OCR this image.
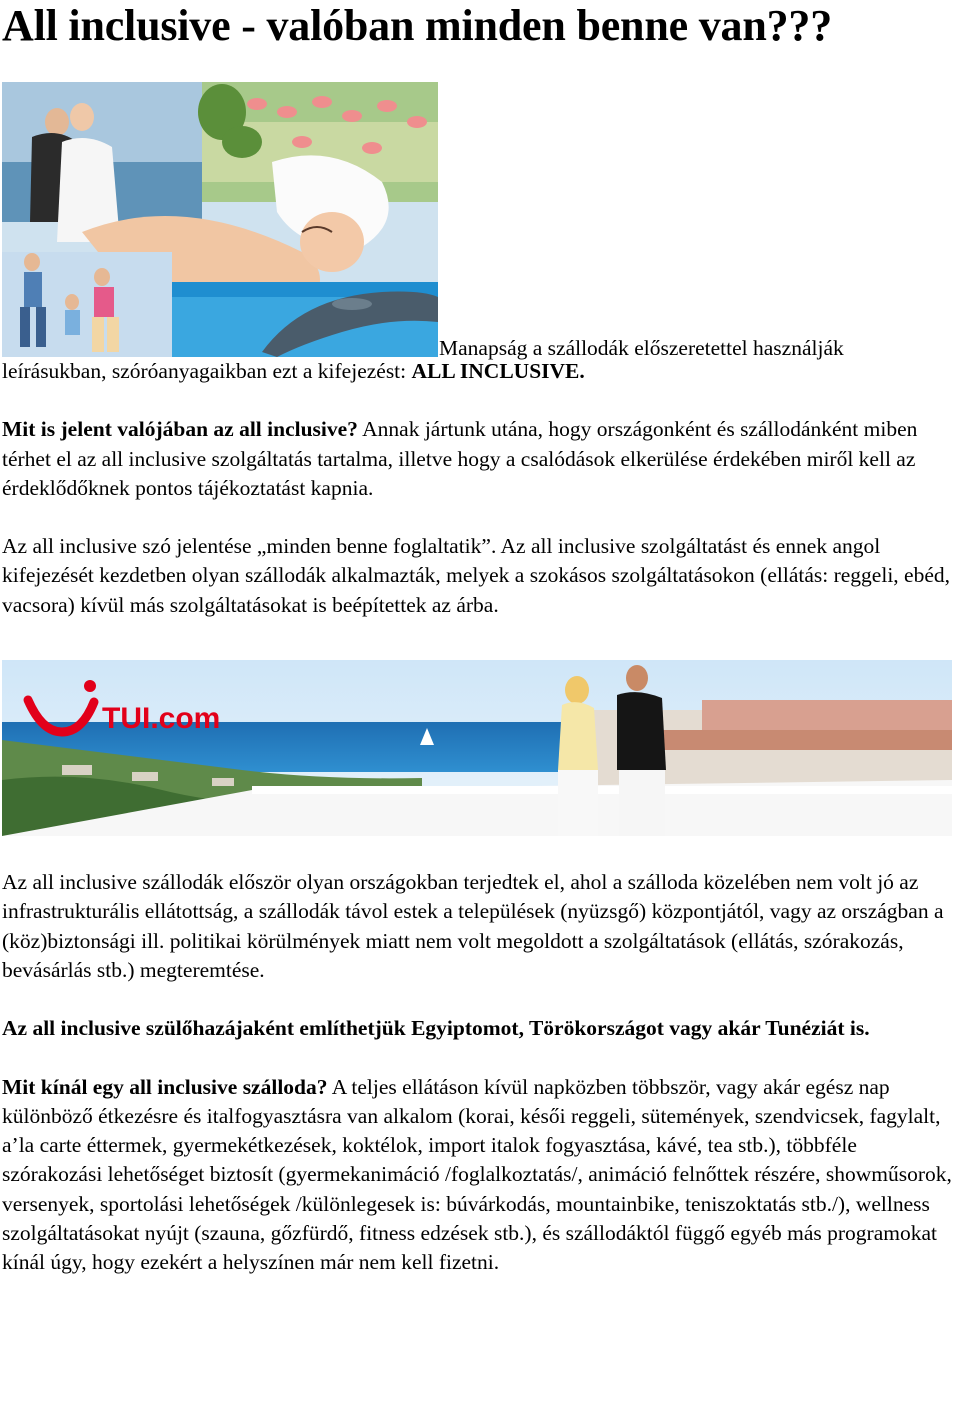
All inclusive - valóban minden benne van???
Manapság a szállodák előszeretettel használják

leírásukban, szóróanyagaikban ezt a kifejezést: ALL INCLUSIVE.

Mit is jelent valójában az all inclusive? Annak jártunk utána, hogy országonként és szállodánként miben térhet el az all inclusive szolgáltatás tartalma, illetve hogy a csalódások elkerülése érdekében miről kell az érdeklődőknek pontos tájékoztatást kapnia.

Az all inclusive szó jelentése „minden benne foglaltatik”. Az all inclusive szolgáltatást és ennek angol kifejezését kezdetben olyan szállodák alkalmazták, melyek a szokásos szolgáltatásokon (ellátás: reggeli, ebéd, vacsora) kívül más szolgáltatásokat is beépítettek az árba.

TUI.com

Az all inclusive szállodák először olyan országokban terjedtek el, ahol a szálloda közelében nem volt jó az infrastrukturális ellátottság, a szállodák távol estek a települések (nyüzsgő) központjától, vagy az országban a (köz)biztonsági ill. politikai körülmények miatt nem volt megoldott a szolgáltatások (ellátás, szórakozás, bevásárlás stb.) megteremtése.

Az all inclusive szülőhazájaként említhetjük Egyiptomot, Törökországot vagy akár Tunéziát is.

Mit kínál egy all inclusive szálloda? A teljes ellátáson kívül napközben többször, vagy akár egész nap különböző étkezésre és italfogyasztásra van alkalom (korai, késői reggeli, sütemények, szendvicsek, fagylalt, a’la carte éttermek, gyermekétkezések, koktélok, import italok fogyasztása, kávé, tea stb.), többféle szórakozási lehetőséget biztosít (gyermekanimáció /foglalkoztatás/, animáció felnőttek részére, showműsorok, versenyek, sportolási lehetőségek /különlegesek is: búvárkodás, mountainbike, teniszoktatás stb./), wellness szolgáltatásokat nyújt (szauna, gőzfürdő, fitness edzések stb.), és szállodáktól függő egyéb más programokat kínál úgy, hogy ezekért a helyszínen már nem kell fizetni.
